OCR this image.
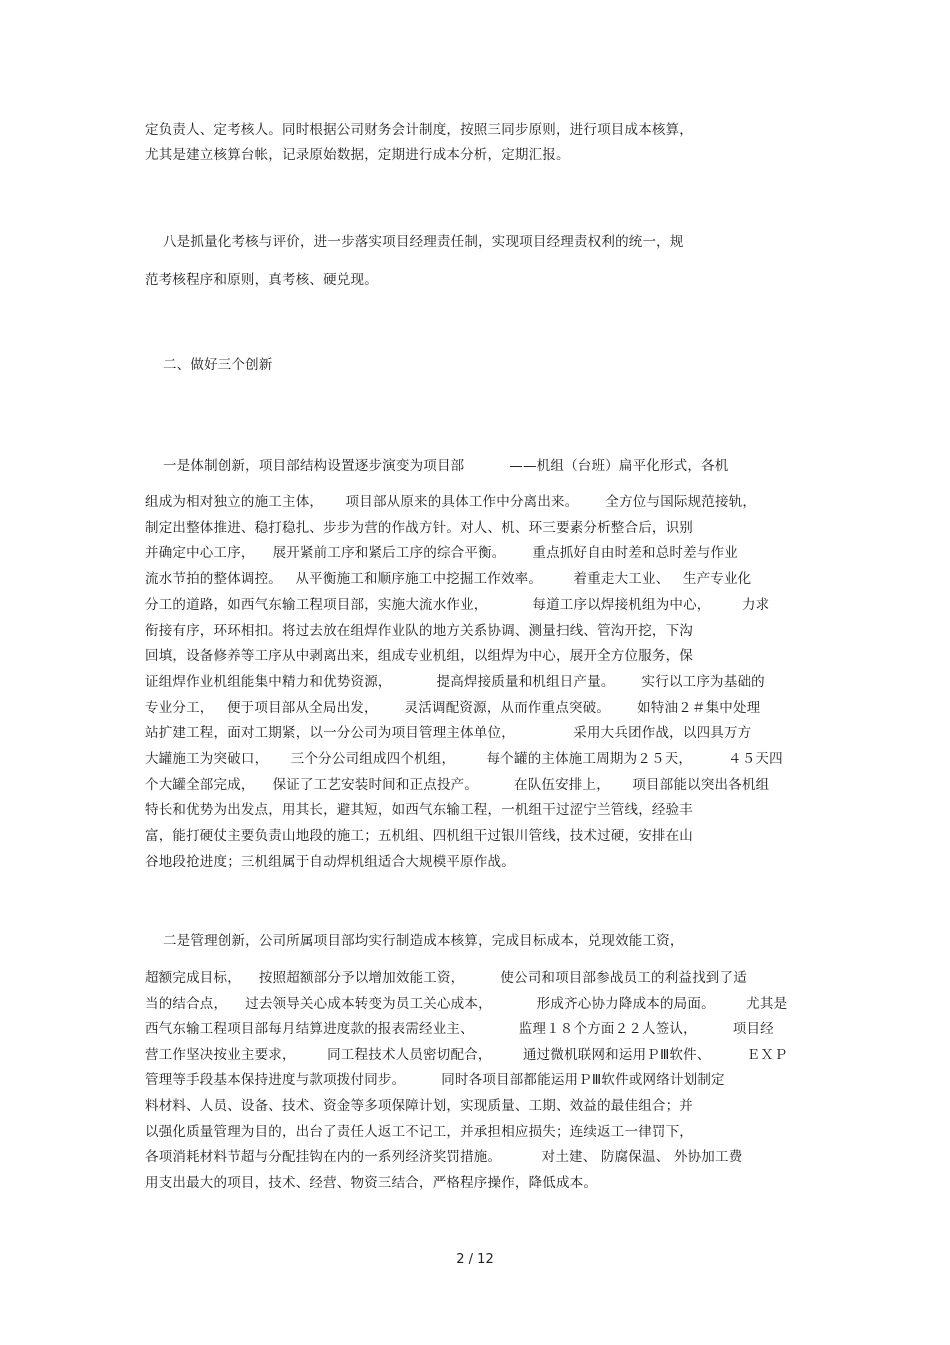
定负责人、定考核人。同时根据公司财务会计制度，按照三同步原则，进行项目成本核算，
尤其是建立核算台帐，记录原始数据，定期进行成本分析，定期汇报。
八是抓量化考核与评价，进一步落实项目经理责任制，实现项目经理责权利的统一，规
范考核程序和原则，真考核、硬兑现。
二、做好三个创新
一是体制创新，项目部结构设置逐步演变为项目部          ——机组（台班）扁平化形式，各机
组成为相对独立的施工主体，     项目部从原来的具体工作中分离出来。      全方位与国际规范接轨，
制定出整体推进、稳打稳扎、步步为营的作战方针。对人、机、环三要素分析整合后，识别
并确定中心工序，    展开紧前工序和紧后工序的综合平衡。      重点抓好自由时差和总时差与作业
流水节拍的整体调控。   从平衡施工和顺序施工中挖掘工作效率。       着重走大工业、   生产专业化
分工的道路，如西气东输工程项目部，实施大流水作业，          每道工序以焊接机组为中心，       力求
衔接有序，环环相扣。将过去放在组焊作业队的地方关系协调、测量扫线、管沟开挖，下沟
回填，设备修养等工序从中剥离出来，组成专业机组，以组焊为中心，展开全方位服务，保
证组焊作业机组能集中精力和优势资源，          提高焊接质量和机组日产量。      实行以工序为基础的
专业分工，   便于项目部从全局出发，      灵活调配资源，从而作重点突破。      如特油２＃集中处理
站扩建工程，面对工期紧，以一分公司为项目管理主体单位，             采用大兵团作战，以四具万方
大罐施工为突破口，     三个分公司组成四个机组，       每个罐的主体施工周期为２５天，        ４５天四
个大罐全部完成，    保证了工艺安装时间和正点投产。        在队伍安排上，     项目部能以突出各机组
特长和优势为出发点，用其长，避其短，如西气东输工程，一机组干过涩宁兰管线，经验丰
富，能打硬仗主要负责山地段的施工；五机组、四机组干过银川管线，技术过硬，安排在山
谷地段抢进度；三机组属于自动焊机组适合大规模平原作战。
二是管理创新，公司所属项目部均实行制造成本核算，完成目标成本，兑现效能工资，
超额完成目标，    按照超额部分予以增加效能工资，        使公司和项目部参战员工的利益找到了适
当的结合点，    过去领导关心成本转变为员工关心成本，          形成齐心协力降成本的局面。       尤其是
西气东输工程项目部每月结算进度款的报表需经业主、          监理１８个方面２２人签认，        项目经
营工作坚决按业主要求，       同工程技术人员密切配合，       通过微机联网和运用ＰⅢ软件、        ＥＸＰ
管理等手段基本保持进度与款项拨付同步。        同时各项目部都能运用ＰⅢ软件或网络计划制定
料材料、人员、设备、技术、资金等多项保障计划，实现质量、工期、效益的最佳组合；并
以强化质量管理为目的，出台了责任人返工不记工，并承担相应损失；连续返工一律罚下，
各项消耗材料节超与分配挂钩在内的一系列经济奖罚措施。         对土建、 防腐保温、 外协加工费
用支出最大的项目，技术、经营、物资三结合，严格程序操作，降低成本。
2 / 12
